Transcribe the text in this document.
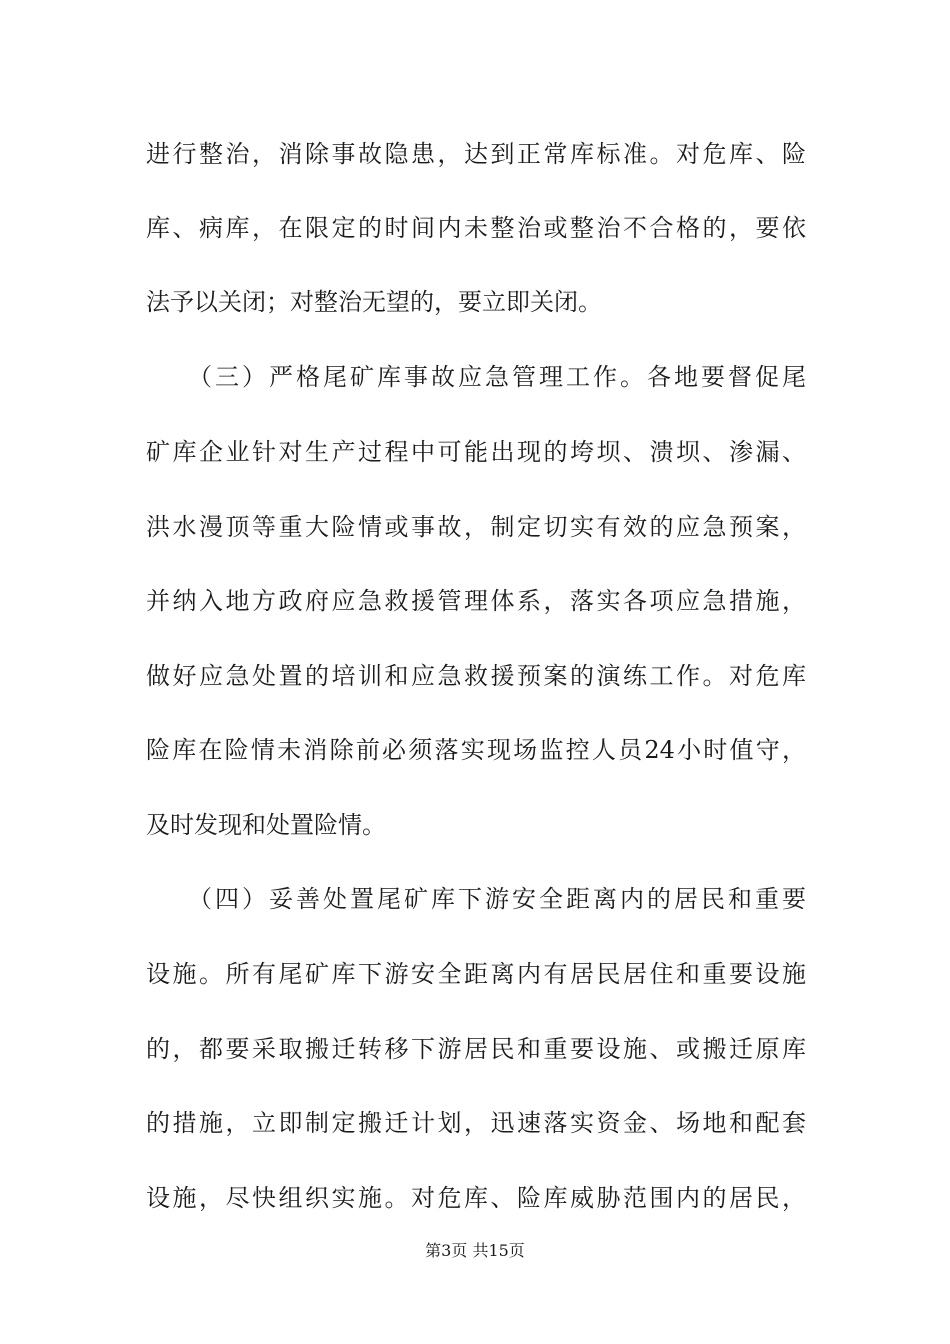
进行整治，消除事故隐患，达到正常库标准。对危库、险
库、病库，在限定的时间内未整治或整治不合格的，要依
法予以关闭；对整治无望的，要立即关闭。
　　（三）严格尾矿库事故应急管理工作。各地要督促尾
矿库企业针对生产过程中可能出现的垮坝、溃坝、渗漏、
洪水漫顶等重大险情或事故，制定切实有效的应急预案，
并纳入地方政府应急救援管理体系，落实各项应急措施，
做好应急处置的培训和应急救援预案的演练工作。对危库
险库在险情未消除前必须落实现场监控人员24小时值守，
及时发现和处置险情。
　　（四）妥善处置尾矿库下游安全距离内的居民和重要
设施。所有尾矿库下游安全距离内有居民居住和重要设施
的，都要采取搬迁转移下游居民和重要设施、或搬迁原库
的措施，立即制定搬迁计划，迅速落实资金、场地和配套
设施，尽快组织实施。对危库、险库威胁范围内的居民，
第3页 共15页
